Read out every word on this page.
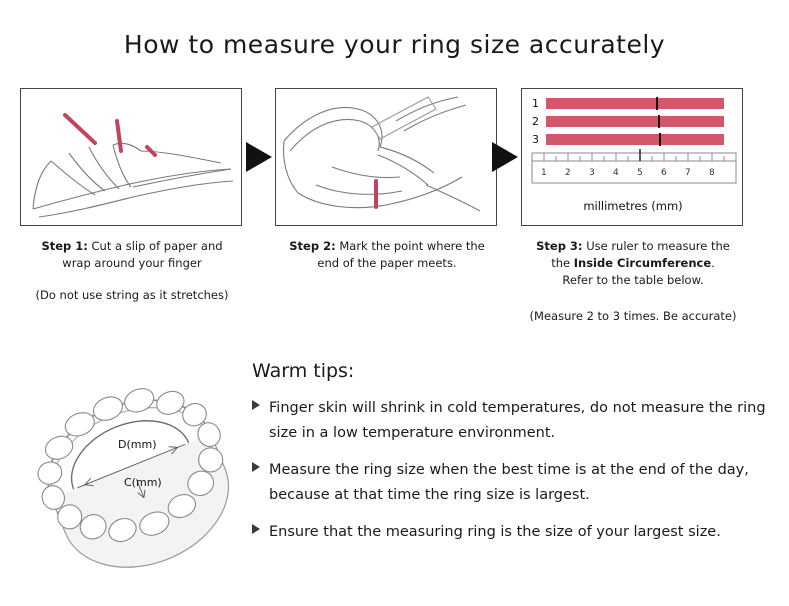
How to measure your ring size accurately
Step 1: Cut a slip of paper and
wrap around your finger
(Do not use string as it stretches)
Step 2: Mark the point where the
end of the paper meets.
1
2
3
1 2 3 4 5 6 7 8
millimetres (mm)
Step 3: Use ruler to measure the
the Inside Circumference.
Refer to the table below.
(Measure 2 to 3 times. Be accurate)
D(mm)
C(mm)
Warm tips:
Finger skin will shrink in cold temperatures, do not measure the ring size in a low temperature environment.
Measure the ring size when the best time is at the end of the day, because at that time the ring size is largest.
Ensure that the measuring ring is the size of your largest size.
